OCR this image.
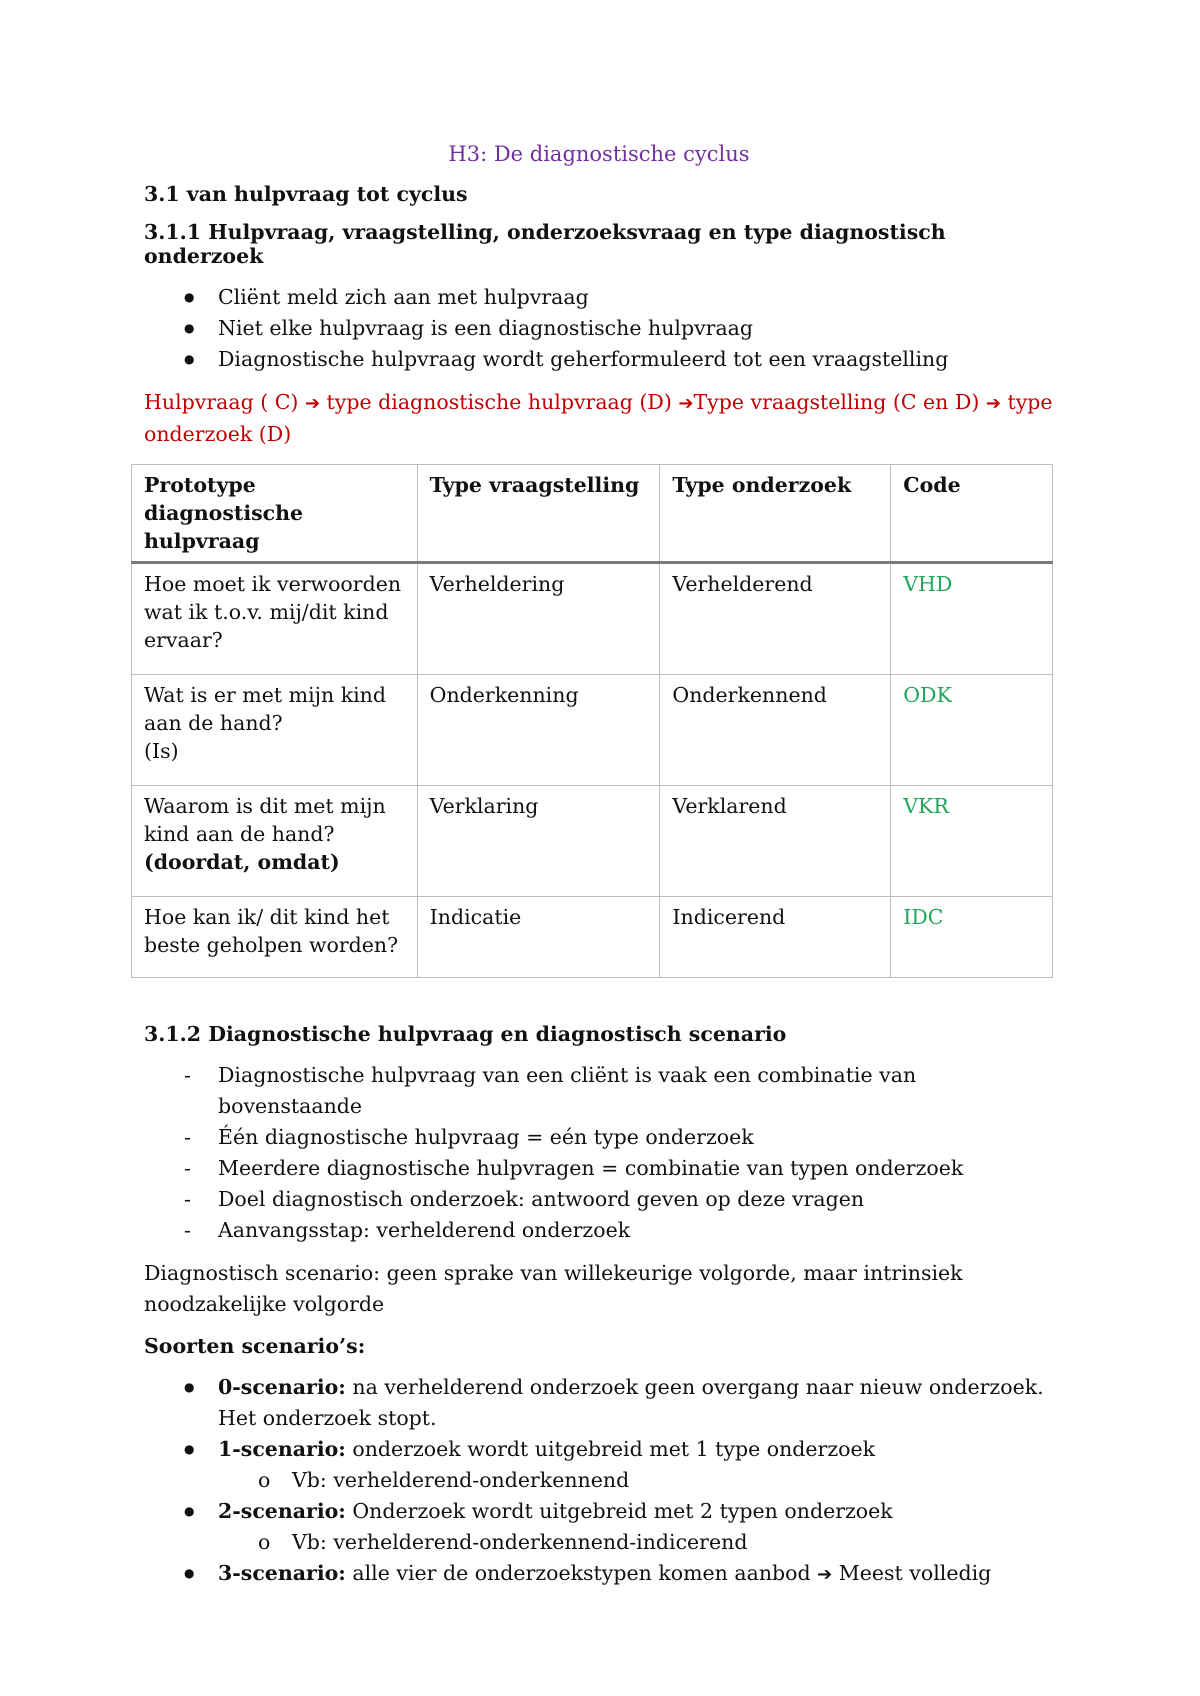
H3: De diagnostische cyclus
3.1 van hulpvraag tot cyclus
3.1.1 Hulpvraag, vraagstelling, onderzoeksvraag en type diagnostisch onderzoek
● Cliënt meld zich aan met hulpvraag
● Niet elke hulpvraag is een diagnostische hulpvraag
● Diagnostische hulpvraag wordt geherformuleerd tot een vraagstelling
Hulpvraag ( C) ➔ type diagnostische hulpvraag (D) ➔Type vraagstelling (C en D) ➔ type onderzoek (D)
Prototype diagnostische hulpvraag	Type vraagstelling	Type onderzoek	Code
Hoe moet ik verwoorden wat ik t.o.v. mij/dit kind ervaar?	Verheldering	Verhelderend	VHD
Wat is er met mijn kind aan de hand?
(Is)	Onderkenning	Onderkennend	ODK
Waarom is dit met mijn kind aan de hand?
(doordat, omdat)	Verklaring	Verklarend	VKR
Hoe kan ik/ dit kind het beste geholpen worden?	Indicatie	Indicerend	IDC
3.1.2 Diagnostische hulpvraag en diagnostisch scenario
- Diagnostische hulpvraag van een cliënt is vaak een combinatie van bovenstaande
- Één diagnostische hulpvraag = eén type onderzoek
- Meerdere diagnostische hulpvragen = combinatie van typen onderzoek
- Doel diagnostisch onderzoek: antwoord geven op deze vragen
- Aanvangsstap: verhelderend onderzoek
Diagnostisch scenario: geen sprake van willekeurige volgorde, maar intrinsiek noodzakelijke volgorde
Soorten scenario’s:
● 0-scenario: na verhelderend onderzoek geen overgang naar nieuw onderzoek. Het onderzoek stopt.
● 1-scenario: onderzoek wordt uitgebreid met 1 type onderzoek
o Vb: verhelderend-onderkennend
● 2-scenario: Onderzoek wordt uitgebreid met 2 typen onderzoek
o Vb: verhelderend-onderkennend-indicerend
● 3-scenario: alle vier de onderzoekstypen komen aanbod ➔ Meest volledig
